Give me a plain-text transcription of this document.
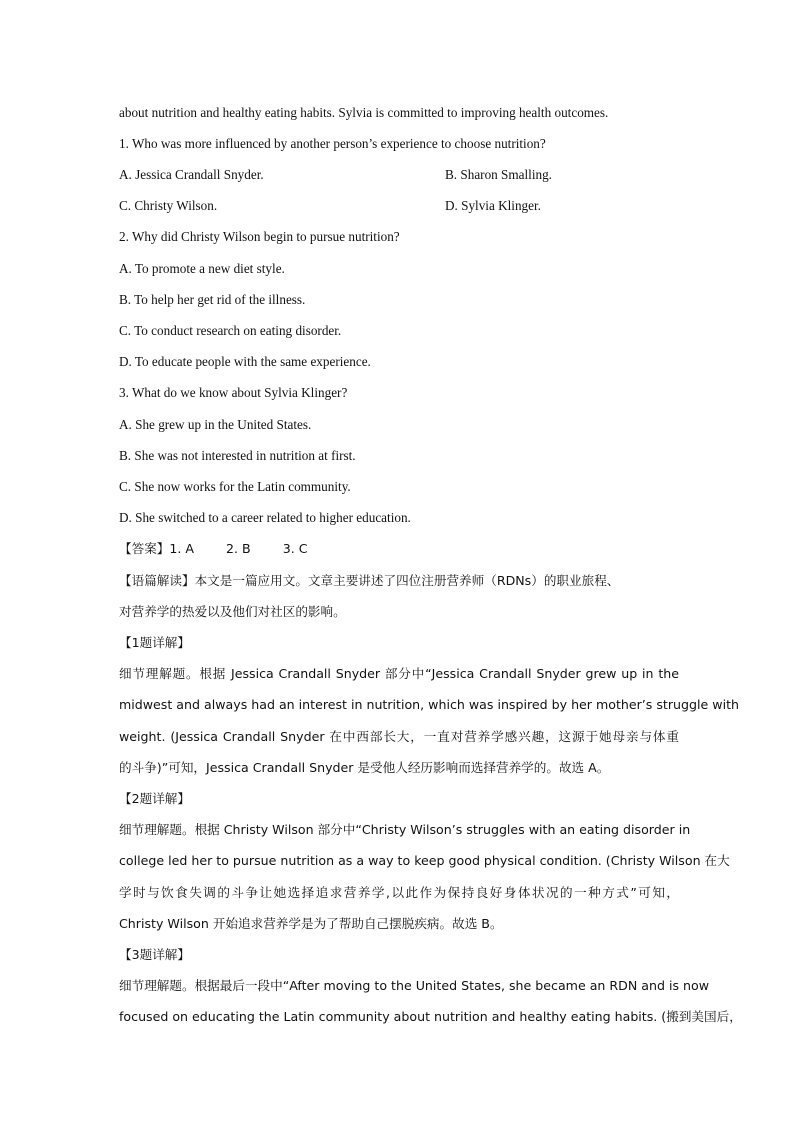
about nutrition and healthy eating habits. Sylvia is committed to improving health outcomes.
1. Who was more influenced by another person’s experience to choose nutrition?
A. Jessica Crandall Snyder.	B. Sharon Smalling.
C. Christy Wilson.	D. Sylvia Klinger.
2. Why did Christy Wilson begin to pursue nutrition?
A. To promote a new diet style.
B. To help her get rid of the illness.
C. To conduct research on eating disorder.
D. To educate people with the same experience.
3. What do we know about Sylvia Klinger?
A. She grew up in the United States.
B. She was not interested in nutrition at first.
C. She now works for the Latin community.
D. She switched to a career related to higher education.
【答案】1. A        2. B        3. C
【语篇解读】本文是一篇应用文。文章主要讲述了四位注册营养师（RDNs）的职业旅程、
对营养学的热爱以及他们对社区的影响。
【1题详解】
细节理解题。根据 Jessica Crandall Snyder 部分中“Jessica Crandall Snyder grew up in the
midwest and always had an interest in nutrition, which was inspired by her mother’s struggle with
weight. (Jessica Crandall Snyder 在中西部长大，一直对营养学感兴趣，这源于她母亲与体重
的斗争)”可知，Jessica Crandall Snyder 是受他人经历影响而选择营养学的。故选 A。
【2题详解】
细节理解题。根据 Christy Wilson 部分中“Christy Wilson’s struggles with an eating disorder in
college led her to pursue nutrition as a way to keep good physical condition. (Christy Wilson 在大
学时与饮食失调的斗争让她选择追求营养学,以此作为保持良好身体状况的一种方式”可知，
Christy Wilson 开始追求营养学是为了帮助自己摆脱疾病。故选 B。
【3题详解】
细节理解题。根据最后一段中“After moving to the United States, she became an RDN and is now
focused on educating the Latin community about nutrition and healthy eating habits. (搬到美国后，
